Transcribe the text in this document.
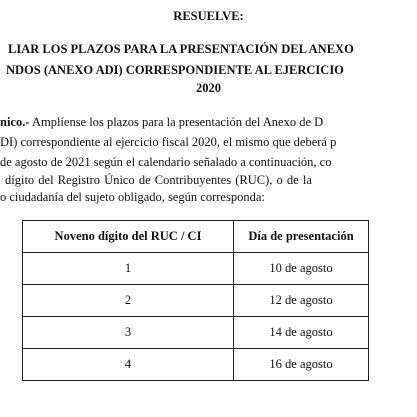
RESUELVE:
LIAR LOS PLAZOS PARA LA PRESENTACIÓN DEL ANEXO
NDOS (ANEXO ADI) CORRESPONDIENTE AL EJERCICIO
2020
nico.- Amplíense los plazos para la presentación del Anexo de D
DI) correspondiente al ejercicio fiscal 2020, el mismo que deberá p
de agosto de 2021 según el calendario señalado a continuación, co
dígito del Registro Único de Contribuyentes (RUC), o de la
o ciudadanía del sujeto obligado, según corresponda:
Noveno dígito del RUC / CI	Día de presentación
1	10 de agosto
2	12 de agosto
3	14 de agosto
4	16 de agosto
